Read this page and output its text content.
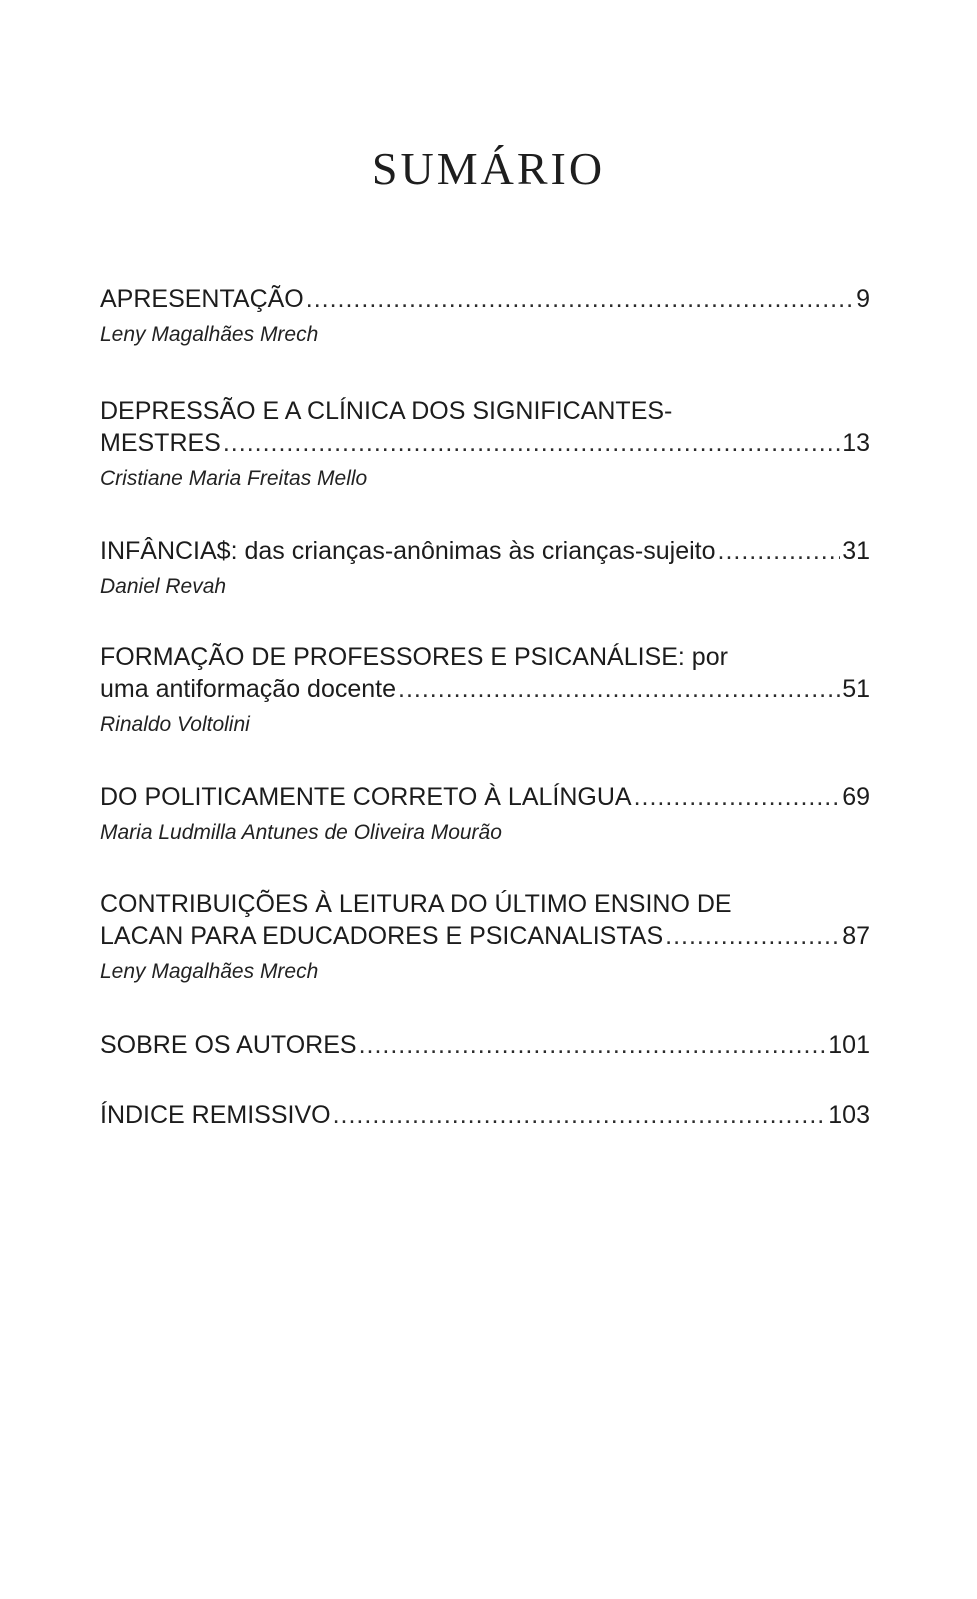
SUMÁRIO
APRESENTAÇÃO .....	9
Leny Magalhães Mrech
DEPRESSÃO E A CLÍNICA DOS SIGNIFICANTES-
MESTRES .....	13
Cristiane Maria Freitas Mello
INFÂNCIA$: das crianças-anônimas às crianças-sujeito .....	31
Daniel Revah
FORMAÇÃO DE PROFESSORES E PSICANÁLISE: por
uma antiformação docente .....	51
Rinaldo Voltolini
DO POLITICAMENTE CORRETO À LALÍNGUA .....	69
Maria Ludmilla Antunes de Oliveira Mourão
CONTRIBUIÇÕES À LEITURA DO ÚLTIMO ENSINO DE
LACAN PARA EDUCADORES E PSICANALISTAS .....	87
Leny Magalhães Mrech
SOBRE OS AUTORES .....	101
ÍNDICE REMISSIVO .....	103
